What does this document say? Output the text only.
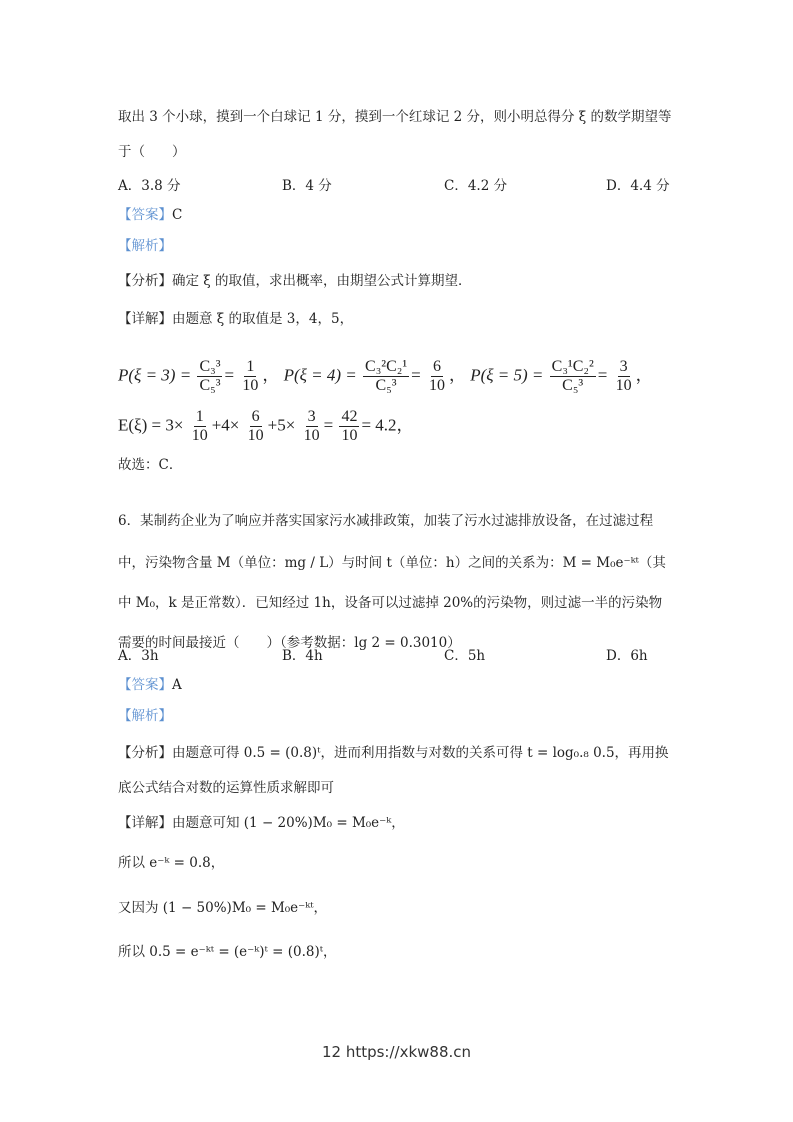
取出 3 个小球，摸到一个白球记 1 分，摸到一个红球记 2 分，则小明总得分 ξ 的数学期望等
于（　　）
A．3.8 分	B．4 分	C．4.2 分	D．4.4 分
【答案】C
【解析】
【分析】确定 ξ 的取值，求出概率，由期望公式计算期望．
【详解】由题意 ξ 的取值是 3，4，5，
$P(\xi = 3) = \frac{\text{C₃³}}{\text{C₅³}} = \frac{1}{10}$ ， $P(\xi = 4) = \frac{\text{C₃²C₂¹}}{\text{C₅³}} = \frac{6}{10}$ ， $P(\xi = 5) = \frac{\text{C₃¹C₂²}}{\text{C₅³}} = \frac{3}{10}$ ，
$E(\xi) = 3\times \frac{1}{10} +4\times \frac{6}{10} +5\times \frac{3}{10} = \frac{42}{10} = 4.2$，
故选：C．
6．某制药企业为了响应并落实国家污水减排政策，加装了污水过滤排放设备，在过滤过程
中，污染物含量 M（单位：mg / L）与时间 t（单位：h）之间的关系为：M = M₀e⁻ᵏᵗ（其
中 M₀，k 是正常数）．已知经过 1h，设备可以过滤掉 20%的污染物，则过滤一半的污染物
需要的时间最接近（　　）（参考数据：lg 2 = 0.3010）
A．3h	B．4h	C．5h	D．6h
【答案】A
【解析】
【分析】由题意可得 0.5 = (0.8)ᵗ，进而利用指数与对数的关系可得 t = log₀.₈ 0.5，再用换
底公式结合对数的运算性质求解即可
【详解】由题意可知 (1 − 20%)M₀ = M₀e⁻ᵏ，
所以 e⁻ᵏ = 0.8，
又因为 (1 − 50%)M₀ = M₀e⁻ᵏᵗ，
所以 0.5 = e⁻ᵏᵗ = (e⁻ᵏ)ᵗ = (0.8)ᵗ，
12 https://xkw88.cn
